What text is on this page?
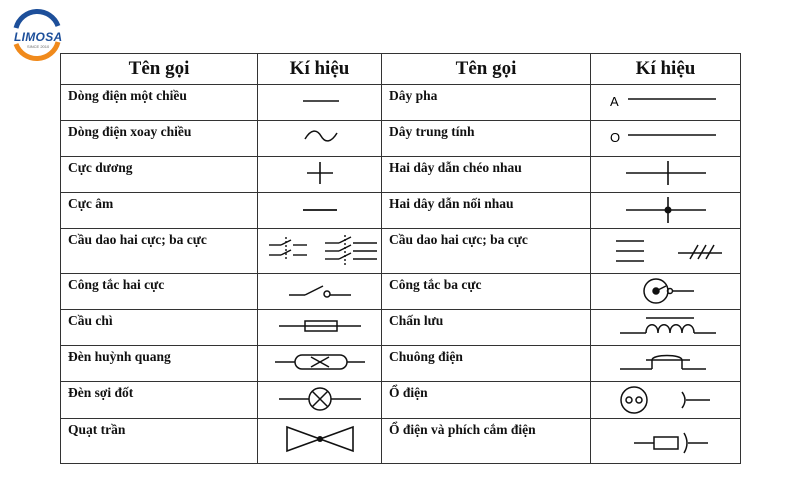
LIMOSA
SINCE 2010
Tên gọi	Kí hiệu	Tên gọi	Kí hiệu
Dòng điện một chiều		Dây pha	A

Dòng điện xoay chiều		Dây trung tính	O

Cực dương		Hai dây dẫn chéo nhau	

Cực âm		Hai dây dẫn nối nhau	

Cầu dao hai cực; ba cực		Cầu dao hai cực; ba cực	

Công tắc hai cực		Công tắc ba cực	

Cầu chì		Chấn lưu	

Đèn huỳnh quang		Chuông điện	

Đèn sợi đốt		Ổ điện	

Quạt trần		Ổ điện và phích cắm điện	
